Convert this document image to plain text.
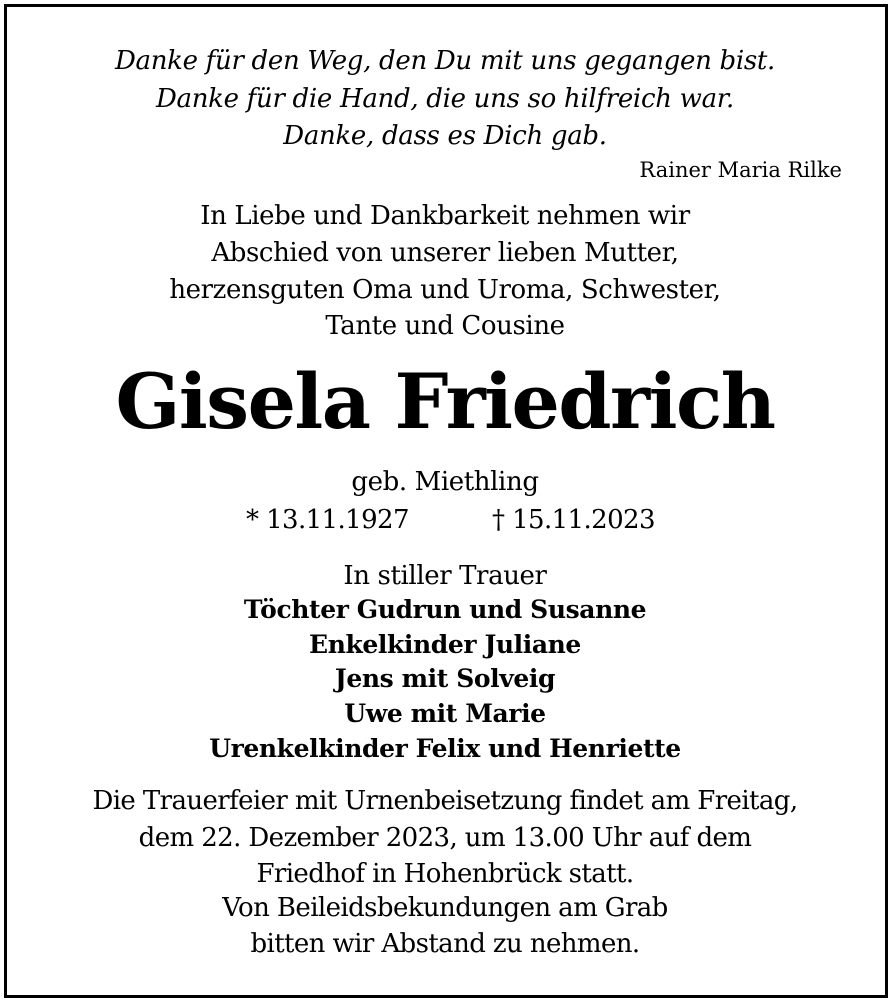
Danke für den Weg, den Du mit uns gegangen bist.
Danke für die Hand, die uns so hilfreich war.
Danke, dass es Dich gab.
Rainer Maria Rilke
In Liebe und Dankbarkeit nehmen wir
Abschied von unserer lieben Mutter,
herzensguten Oma und Uroma, Schwester,
Tante und Cousine
Gisela Friedrich
geb. Miethling
* 13.11.1927	† 15.11.2023
In stiller Trauer
Töchter Gudrun und Susanne
Enkelkinder Juliane
Jens mit Solveig
Uwe mit Marie
Urenkelkinder Felix und Henriette
Die Trauerfeier mit Urnenbeisetzung findet am Freitag,
dem 22. Dezember 2023, um 13.00 Uhr auf dem
Friedhof in Hohenbrück statt.
Von Beileidsbekundungen am Grab
bitten wir Abstand zu nehmen.
